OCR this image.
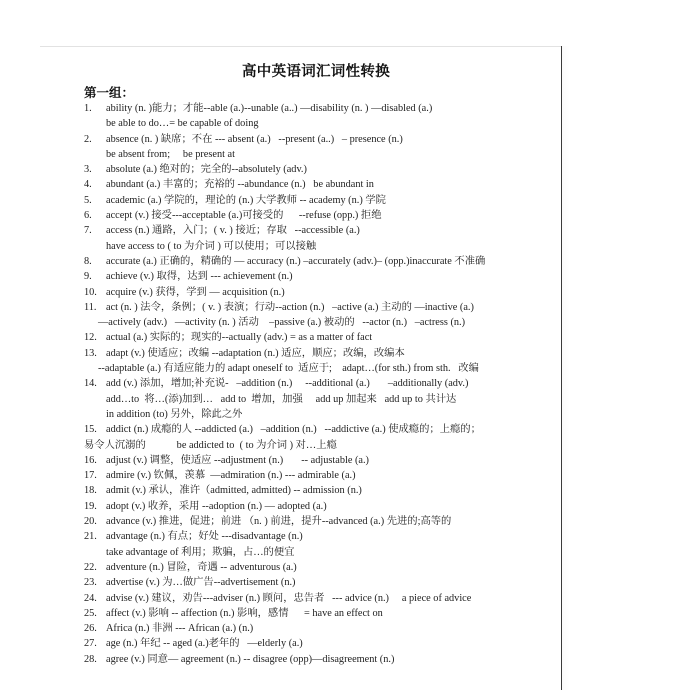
高中英语词汇词性转换
第一组：
1.	ability (n. )能力；才能--able (a.)--unable (a..) —disability (n. ) —disabled (a.)
be able to do…= be capable of doing
2.	absence (n. ) 缺席；不在 --- absent (a.)   --present (a..)   – presence (n.)
be absent from;     be present at
3.	absolute (a.) 绝对的；完全的--absolutely (adv.)
4.	abundant (a.) 丰富的；充裕的 --abundance (n.)   be abundant in
5.	academic (a.) 学院的，理论的 (n.) 大学教师 -- academy (n.) 学院
6.	accept (v.) 接受---acceptable (a.)可接受的      --refuse (opp.) 拒绝
7.	access (n.) 通路，入门；( v. ) 接近；存取   --accessible (a.)
have access to ( to 为介词 ) 可以使用；可以接触
8.	accurate (a.) 正确的，精确的 — accuracy (n.) –accurately (adv.)– (opp.)inaccurate 不准确
9.	achieve (v.) 取得，达到 --- achievement (n.)
10. acquire (v.) 获得，学到 — acquisition (n.)
11. act (n. ) 法令，条例；( v. ) 表演；行动--action (n.)   –active (a.) 主动的 —inactive (a.)
—actively (adv.)   —activity (n. ) 活动    –passive (a.) 被动的   --actor (n.)   –actress (n.)
12. actual (a.) 实际的；现实的--actually (adv.) = as a matter of fact
13. adapt (v.) 使适应；改编 --adaptation (n.) 适应，顺应；改编，改编本
--adaptable (a.) 有适应能力的 adapt oneself to  适应于;    adapt…(for sth.) from sth.   改编
14. add (v.) 添加，增加;补充说-   –addition (n.)     --additional (a.)       –additionally (adv.)
add…to  将…(添)加到…   add to  增加，加强     add up 加起来   add up to 共计达
in addition (to) 另外，除此之外
15. addict (n.) 成瘾的人 --addicted (a.)   –addition (n.)   --addictive (a.) 使成瘾的；上瘾的；
易令人沉溺的            be addicted to  ( to 为介词 ) 对…上瘾
16. adjust (v.) 调整，使适应 --adjustment (n.)       -- adjustable (a.)
17. admire (v.) 钦佩，羡慕  —admiration (n.) --- admirable (a.)
18. admit (v.) 承认，准许（admitted, admitted) -- admission (n.)
19. adopt (v.) 收养，采用 --adoption (n.) — adopted (a.)
20. advance (v.) 推进，促进；前进 （n. ) 前进，提升--advanced (a.) 先进的;高等的
21. advantage (n.) 有点；好处 ---disadvantage (n.)
take advantage of 利用；欺骗，占…的便宜
22. adventure (n.) 冒险，奇遇 -- adventurous (a.)
23. advertise (v.) 为…做广告--advertisement (n.)
24. advise (v.) 建议，劝告---adviser (n.) 顾问，忠告者   --- advice (n.)     a piece of advice
25. affect (v.) 影响 -- affection (n.) 影响，感情      = have an effect on
26. Africa (n.) 非洲 --- African (a.) (n.)
27. age (n.) 年纪 -- aged (a.)老年的   —elderly (a.)
28. agree (v.) 同意— agreement (n.) -- disagree (opp)—disagreement (n.)
